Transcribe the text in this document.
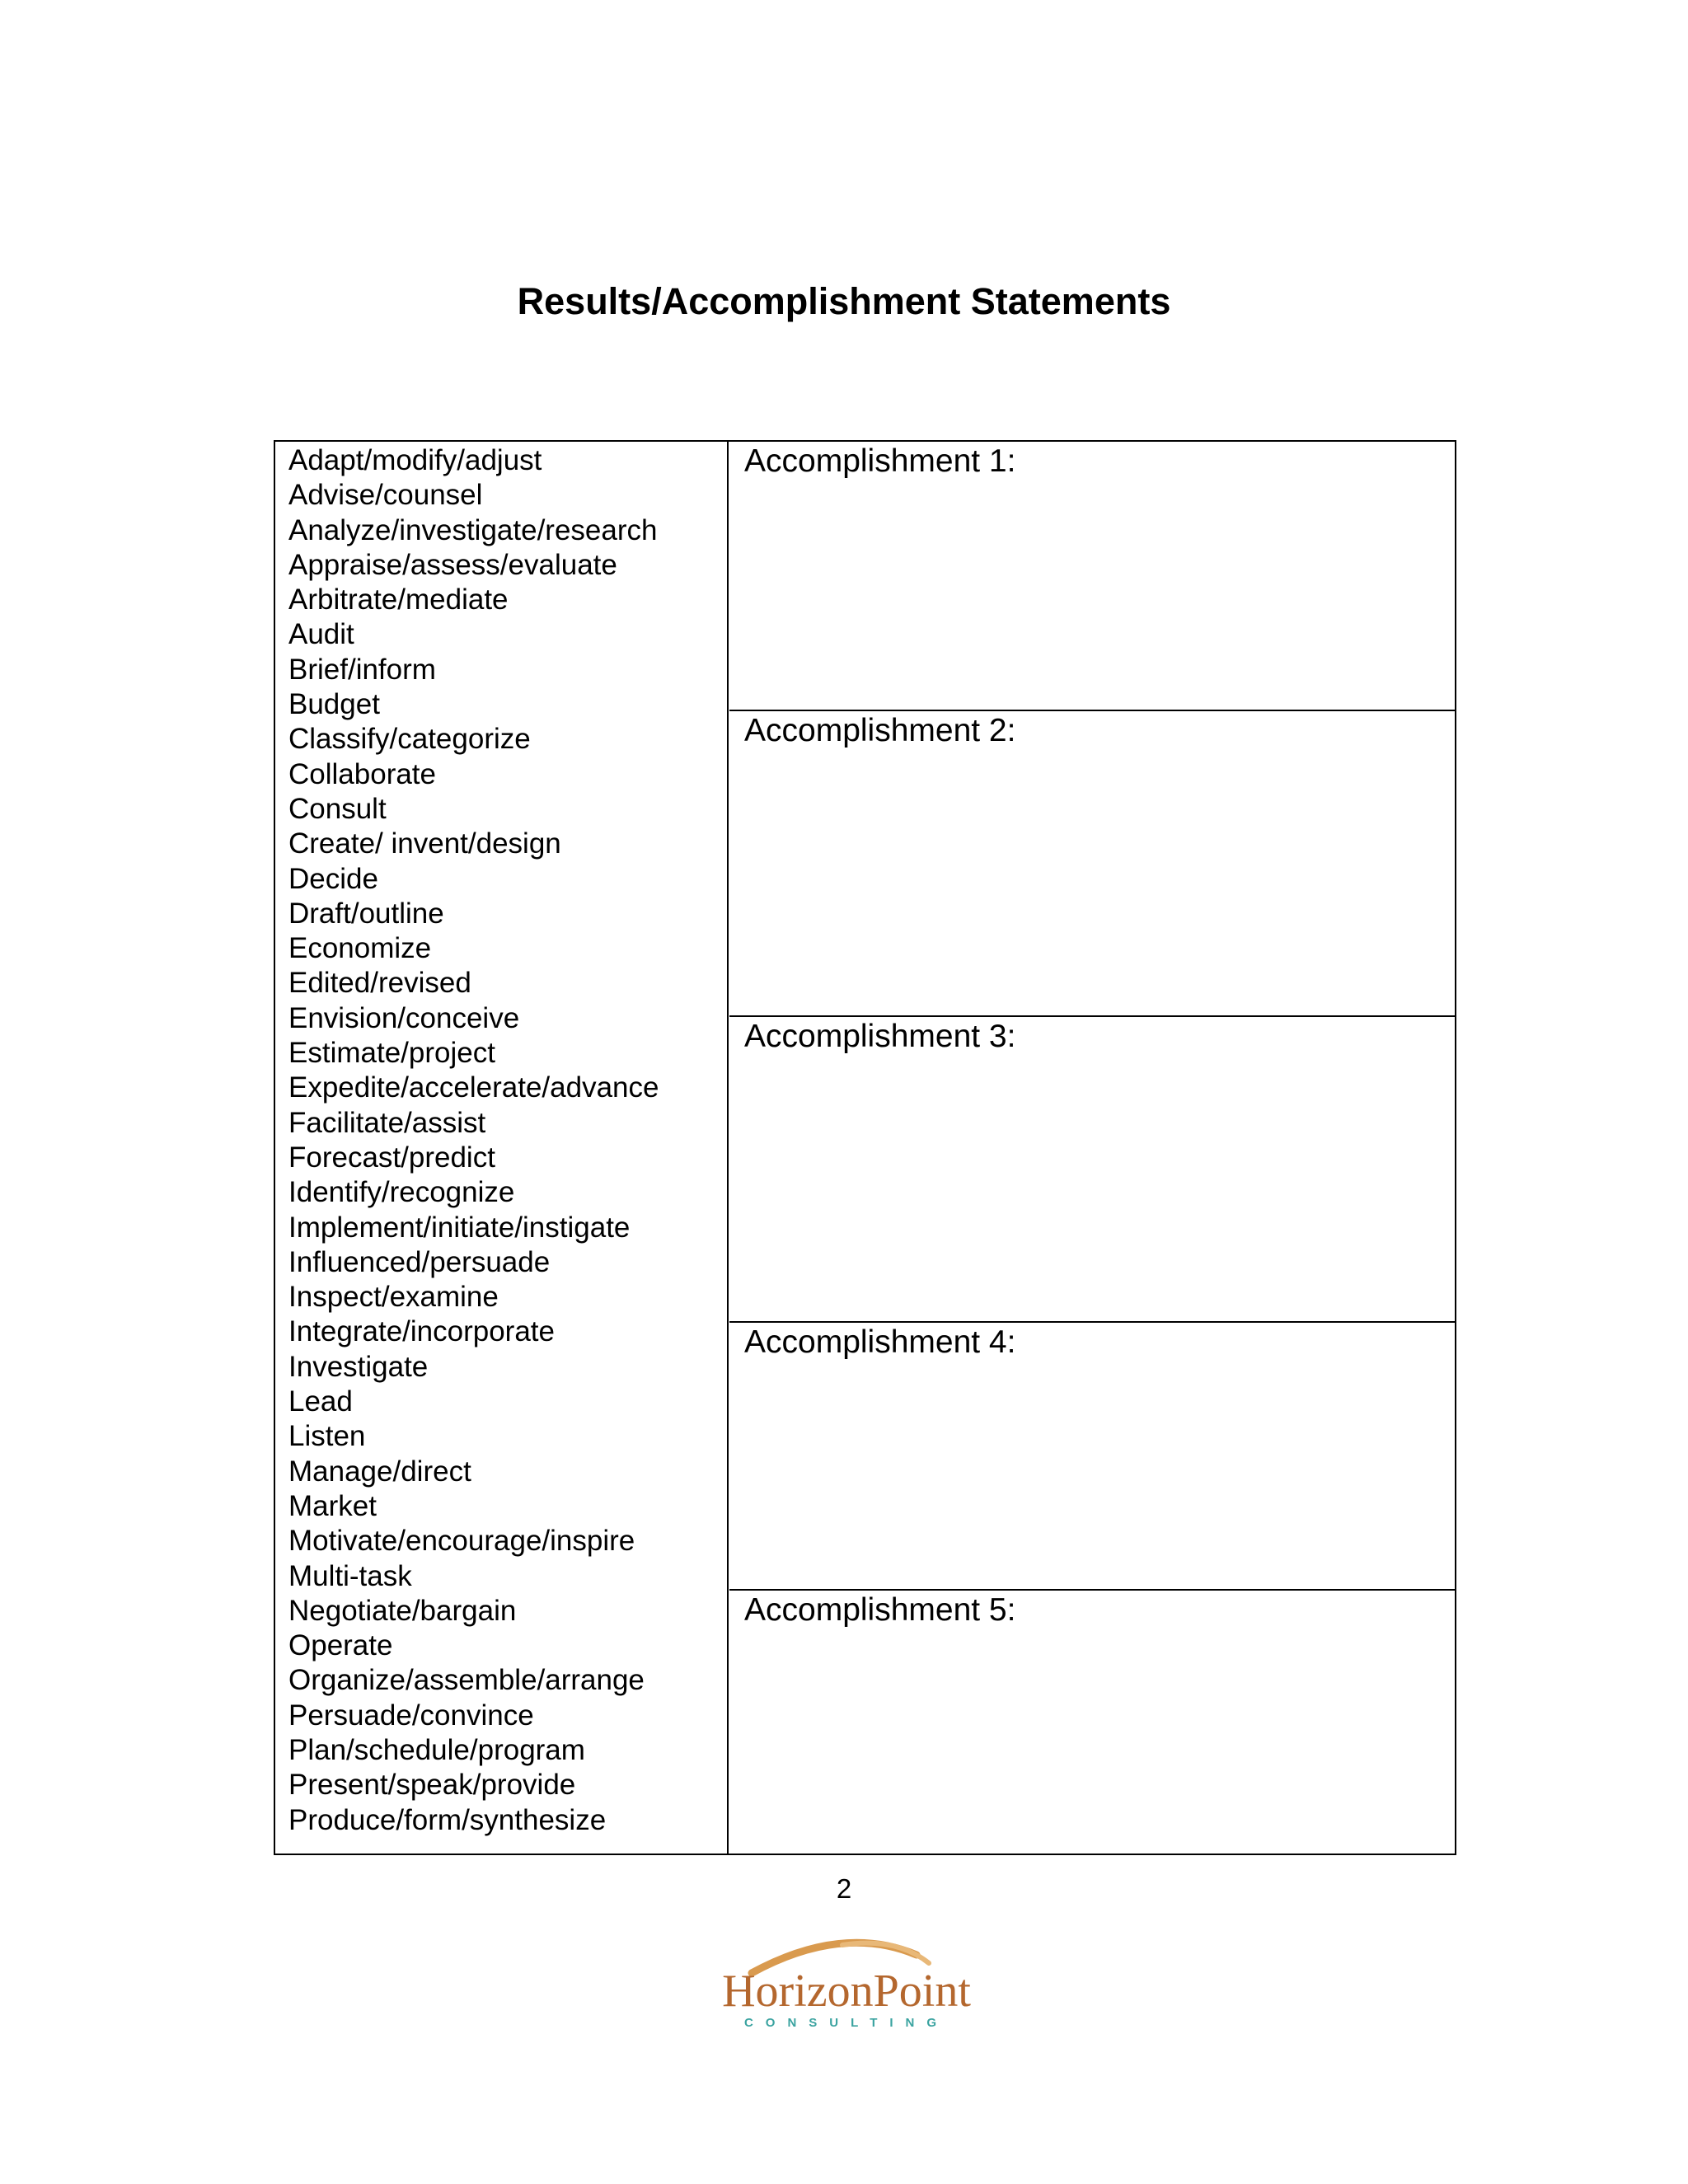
Results/Accomplishment Statements
Adapt/modify/adjust
Advise/counsel
Analyze/investigate/research
Appraise/assess/evaluate
Arbitrate/mediate
Audit
Brief/inform
Budget
Classify/categorize
Collaborate
Consult
Create/ invent/design
Decide
Draft/outline
Economize
Edited/revised
Envision/conceive
Estimate/project
Expedite/accelerate/advance
Facilitate/assist
Forecast/predict
Identify/recognize
Implement/initiate/instigate
Influenced/persuade
Inspect/examine
Integrate/incorporate
Investigate
Lead
Listen
Manage/direct
Market
Motivate/encourage/inspire
Multi-task
Negotiate/bargain
Operate
Organize/assemble/arrange
Persuade/convince
Plan/schedule/program
Present/speak/provide
Produce/form/synthesize
Accomplishment 1:
Accomplishment 2:
Accomplishment 3:
Accomplishment 4:
Accomplishment 5:
2
HorizonPoint
CONSULTING
